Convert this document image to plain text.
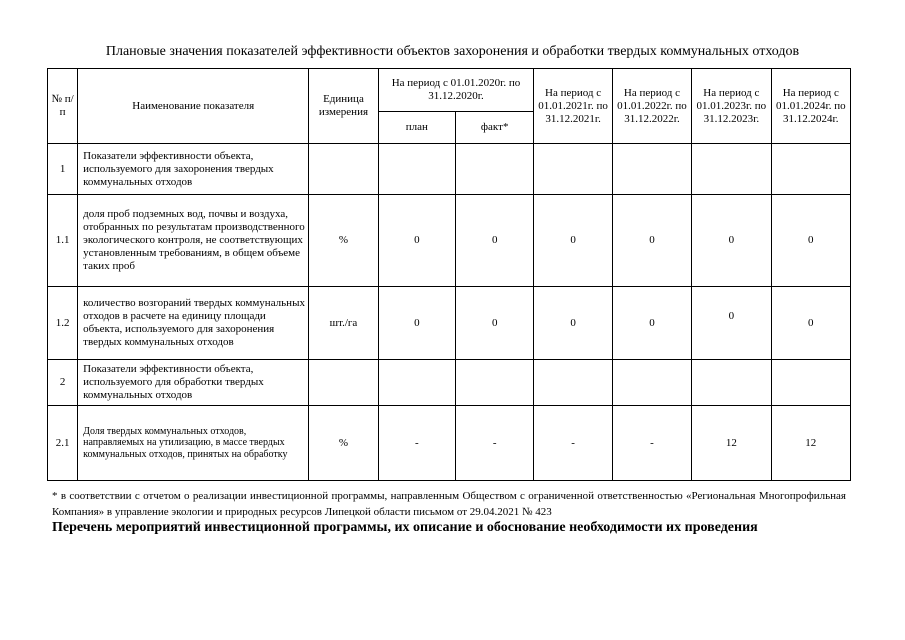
Плановые значения показателей эффективности объектов захоронения и обработки твердых коммунальных отходов
№ п/п	Наименование показателя	Единица измерения	На период с 01.01.2020г. по 31.12.2020г.		На период с 01.01.2021г. по 31.12.2021г.	На период с 01.01.2022г. по 31.12.2022г.	На период с 01.01.2023г. по 31.12.2023г.	На период с 01.01.2024г. по 31.12.2024г.
			план	факт*				
1	Показатели эффективности объекта, используемого для захоронения твердых коммунальных отходов							
1.1	доля проб подземных вод, почвы и воздуха, отобранных по результатам производственного экологического контроля, не соответствующих установленным требованиям, в общем объеме таких проб	%	0	0	0	0	0	0
1.2	количество возгораний твердых коммунальных отходов в расчете на единицу площади объекта, используемого для захоронения твердых коммунальных отходов	шт./га	0	0	0	0	0	0
2	Показатели эффективности объекта, используемого для обработки твердых коммунальных отходов							
2.1	Доля твердых коммунальных отходов, направляемых на утилизацию, в массе твердых коммунальных отходов, принятых на обработку	%	-	-	-	-	12	12
* в соответствии с отчетом о реализации инвестиционной программы, направленным Обществом с ограниченной ответственностью «Региональная Многопрофильная Компания» в управление экологии и природных ресурсов Липецкой области письмом от 29.04.2021 № 423
Перечень мероприятий инвестиционной программы, их описание и обоснование необходимости их проведения
